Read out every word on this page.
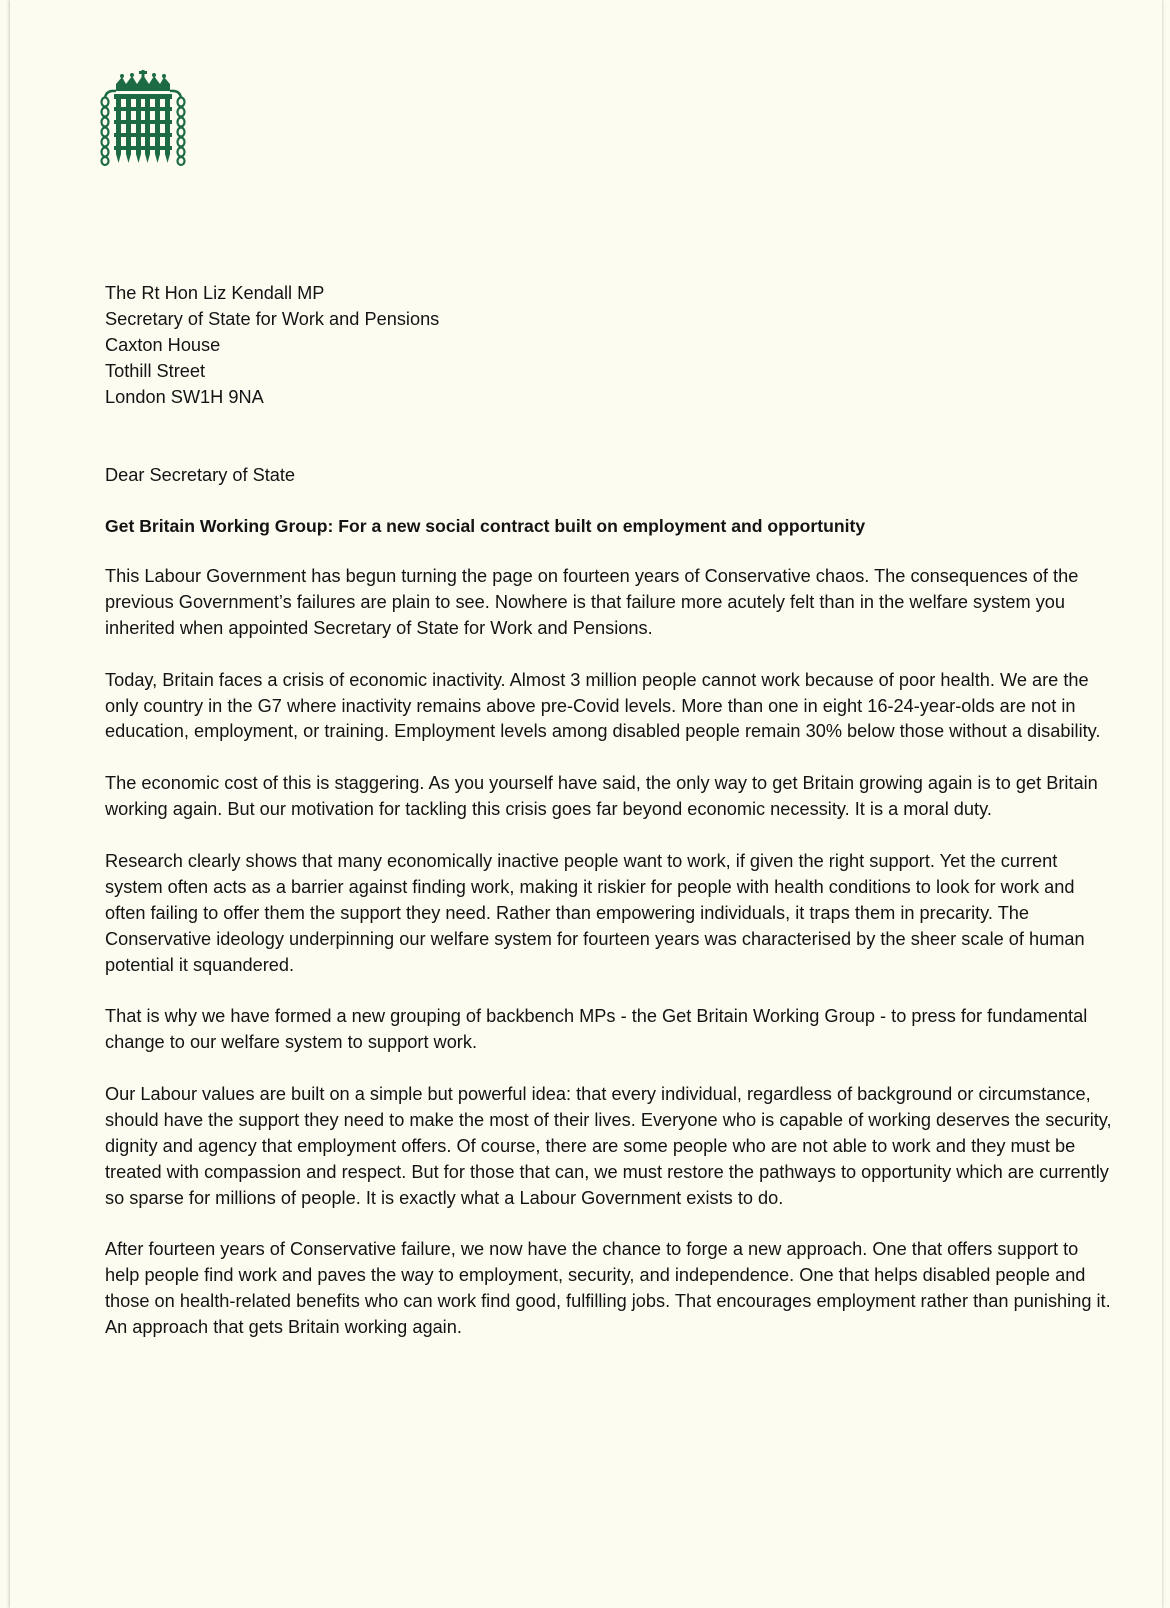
The Rt Hon Liz Kendall MP
Secretary of State for Work and Pensions
Caxton House
Tothill Street
London SW1H 9NA
Dear Secretary of State
Get Britain Working Group: For a new social contract built on employment and opportunity

This Labour Government has begun turning the page on fourteen years of Conservative chaos. The consequences of the previous Government’s failures are plain to see. Nowhere is that failure more acutely felt than in the welfare system you inherited when appointed Secretary of State for Work and Pensions.

Today, Britain faces a crisis of economic inactivity. Almost 3 million people cannot work because of poor health. We are the only country in the G7 where inactivity remains above pre-Covid levels. More than one in eight 16-24-year-olds are not in education, employment, or training. Employment levels among disabled people remain 30% below those without a disability.

The economic cost of this is staggering. As you yourself have said, the only way to get Britain growing again is to get Britain working again. But our motivation for tackling this crisis goes far beyond economic necessity. It is a moral duty.

Research clearly shows that many economically inactive people want to work, if given the right support. Yet the current system often acts as a barrier against finding work, making it riskier for people with health conditions to look for work and often failing to offer them the support they need. Rather than empowering individuals, it traps them in precarity. The Conservative ideology underpinning our welfare system for fourteen years was characterised by the sheer scale of human potential it squandered.

That is why we have formed a new grouping of backbench MPs - the Get Britain Working Group - to press for fundamental change to our welfare system to support work.

Our Labour values are built on a simple but powerful idea: that every individual, regardless of background or circumstance, should have the support they need to make the most of their lives. Everyone who is capable of working deserves the security, dignity and agency that employment offers. Of course, there are some people who are not able to work and they must be treated with compassion and respect. But for those that can, we must restore the pathways to opportunity which are currently so sparse for millions of people. It is exactly what a Labour Government exists to do.

After fourteen years of Conservative failure, we now have the chance to forge a new approach. One that offers support to help people find work and paves the way to employment, security, and independence. One that helps disabled people and those on health-related benefits who can work find good, fulfilling jobs. That encourages employment rather than punishing it. An approach that gets Britain working again.
